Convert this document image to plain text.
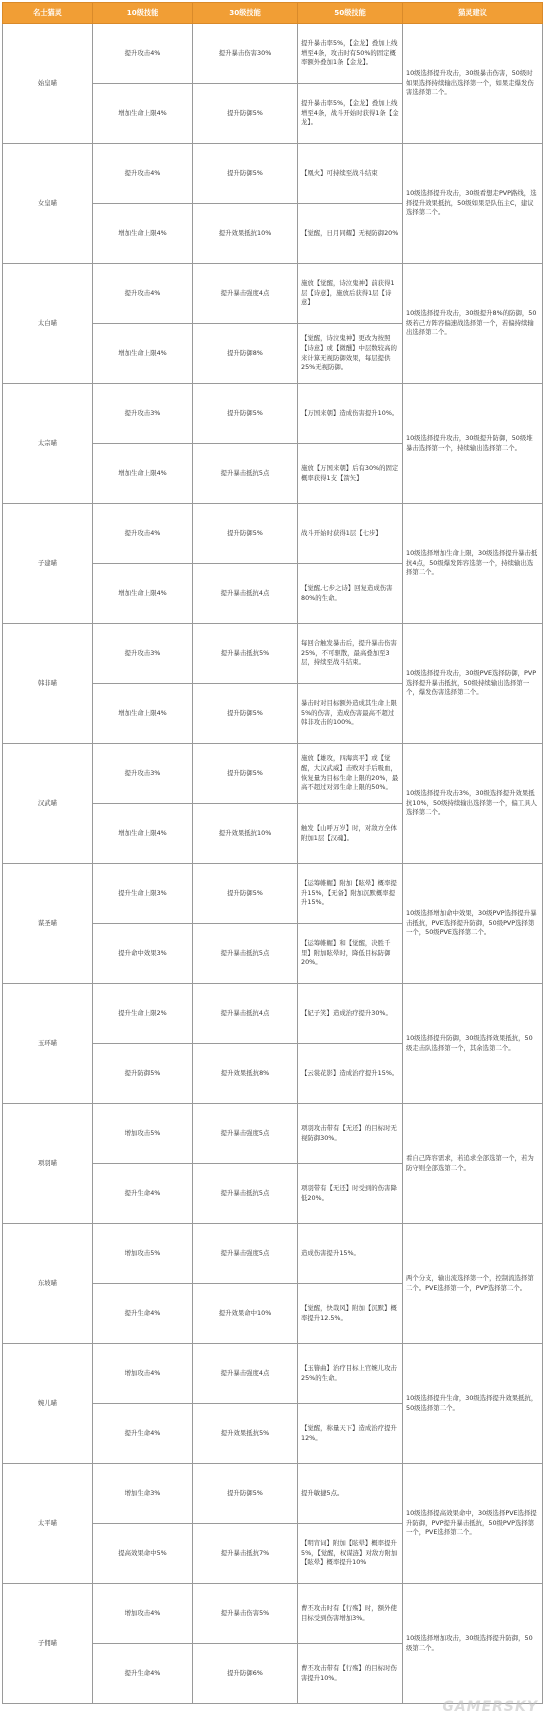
名士猫灵	10级技能	30级技能	50级技能	猫灵建议
始皇喵	提升攻击4%	提升暴击伤害30%	提升暴击率5%，【金龙】叠加上线增至4条，攻击时有50%的固定概率额外叠加1条【金龙】。	10级选择提升攻击，30级暴击伤害，50级时如果选择持续输出选择第一个，如果走爆发伤害选择第二个。
	增加生命上限4%	提升防御5%	提升暴击率5%，【金龙】叠加上线增至4条，战斗开始时获得1条【金龙】。	
女皇喵	提升攻击4%	提升防御5%	【凰火】可持续至战斗结束	10级选择提升攻击，30级看想走PVP路线，选择提升效果抵抗，50级如果是队伍主C，建议选择第二个。
	增加生命上限4%	提升效果抵抗10%	【觉醒，日月同耀】无视防御20%	
太白喵	提升攻击4%	提升暴击强度4点	施放【觉醒，诗泣鬼神】前获得1层【诗意】，施放后获得1层【诗意】	10级选择提升攻击，30级提升8%的防御，50级若己方阵容偏速战选择第一个，若偏持续输出选择第二个。
	增加生命上限4%	提升防御8%	【觉醒，诗泣鬼神】更改为按照【诗意】或【微醺】中层数较高的来计算无视防御效果，每层提供25%无视防御。	
太宗喵	提升攻击3%	提升防御5%	【万国来朝】造成伤害提升10%。	10级选择提升攻击，30级提升防御，50级堆暴击选择第一个，持续输出选择第二个。
	增加生命上限4%	提升暴击抵抗5点	施放【万国来朝】后有30%的固定概率获得1支【箭矢】	
子建喵	提升攻击4%	提升防御5%	战斗开始时获得1层【七步】	10级选择增加生命上限，30级选择提升暴击抵抗4点，50级爆发阵容选第一个，持续输出选择第二个。
	增加生命上限4%	提升暴击抵抗4点	【觉醒,七步之诗】回复造成伤害80%的生命。	
韩非喵	提升攻击3%	提升暴击抵抗5%	每回合触发暴击后，提升暴击伤害25%，不可驱散，最高叠加至3层，持续至战斗结束。	10级选择提升攻击，30级PVE选择防御，PVP选择提升暴击抵抗，50级持续输出选择第一个，爆发伤害选择第二个。
	增加生命上限4%	提升防御5%	暴击时对目标额外造成其生命上限5%的伤害，造成伤害最高不超过韩非攻击的100%。	
汉武喵	提升攻击3%	提升防御5%	施放【雄攻，四海宾平】或【觉醒，大汉武威】击败对手后吸血，恢复量为目标生命上限的20%，最高不超过对郊生命上限的50%。	10级选择提升攻击3%，30级选择提升效果抵抗10%，50级持续输出选择第一个，偏工具人选择第二个。
	增加生命上限4%	提升效果抵抗10%	触发【山呼万岁】时，对敌方全体附加1层【汉魂】。	
谋圣喵	提升生命上限3%	提升防御5%	【运筹帷幄】附加【眩晕】概率提升15%，【无备】附加沉默概率提升15%。	10级选择增加命中效果，30级PVP选择提升暴击抵抗，PVE选择提升防御，50级PVP选择第一个，50级PVE选择第二个。
	提升命中效果3%	提升暴击抵抗5点	【运筹帷幄】和【觉醒，决胜千里】附加眩晕时，降低目标防御20%。	
玉环喵	提升生命上限2%	提升暴击抵抗4点	【妃子笑】造成治疗提升30%。	10级选择提升防御，30级选择效果抵抗，50级走击队选择第一个，其余选第二个。
	提升防御5%	提升效果抵抗8%	【云裳花影】造成治疗提升15%。	
项羽喵	增加攻击5%	提升暴击强度5点	项羽攻击带有【无还】的目标时无视防御30%。	看自己阵容需求，若追求全部选第一个，若为防守则全部选第二个。
	提升生命4%	提升暴击抵抗5点	项羽带有【无还】时受到的伤害降低20%。	
东坡喵	增加攻击5%	提升暴击强度5点	造成伤害提升15%。	两个分支，输出流选择第一个，控制流选择第二个。PVE选择第一个，PVP选择第二个。
	提升生命4%	提升效果命中10%	【觉醒，快哉风】附加【沉默】概率提升12.5%。	
婉儿喵	增加攻击4%	提升暴击强度4点	【玉簪曲】治疗目标上官婉儿攻击25%的生命。	10级选择提升生命，30级选择提升效果抵抗，50级选择第二个。
	提升生命4%	提升效果抵抗5%	【觉醒，称量天下】造成治疗提升12%。	
太平喵	增加生命3%	提升防御5%	提升敏捷5点。	10级选择提高效果命中，30级选择PVE选择提升防御，PVP提升暴击抵抗，50级PVP选择第一个，PVE选择第二个。
	提高效果命中5%	提升暴击抵抗7%	【明宵词】附加【眩晕】概率提升5%，【觉醒，权谋涟】对敌方附加【眩晕】概率提升10%	
子佣喵	增加攻击4%	提升暴击伤害5%	曹丕攻击时有【行殇】时，额外使目标受到伤害增加3%。	10级选择增加攻击，30级选择提升防御，50级第二个。
	提升生命4%	提升防御6%	曹丕攻击带有【行殇】的目标时伤害提升10%。	
GAMERSKY
